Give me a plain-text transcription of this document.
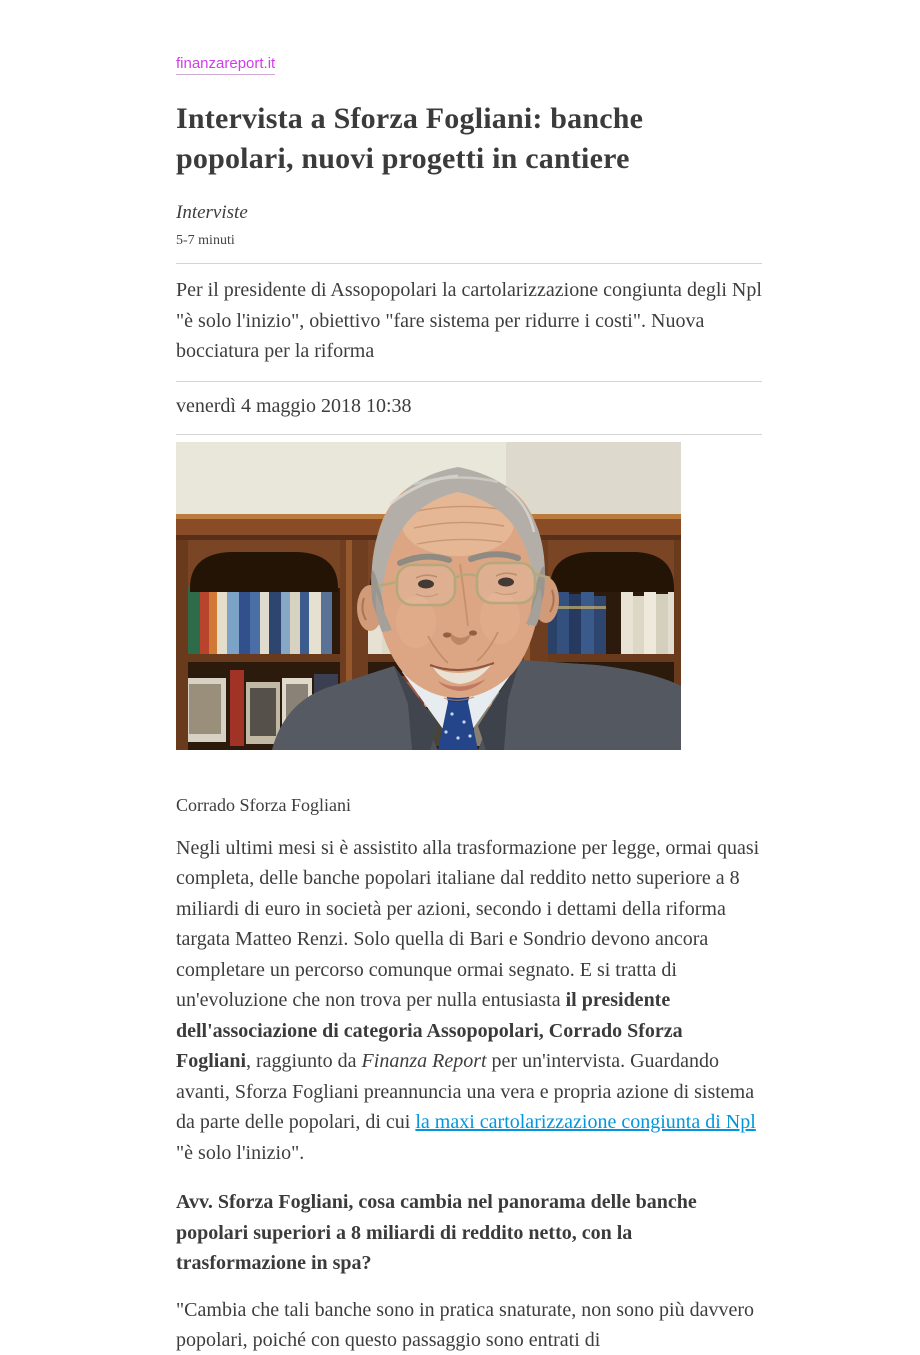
finanzareport.it
Intervista a Sforza Fogliani: banche popolari, nuovi progetti in cantiere
Interviste
5-7 minuti

Per il presidente di Assopopolari la cartolarizzazione congiunta degli Npl "è solo l'inizio", obiettivo "fare sistema per ridurre i costi". Nuova bocciatura per la riforma

venerdì 4 maggio 2018 10:38

Corrado Sforza Fogliani

Negli ultimi mesi si è assistito alla trasformazione per legge, ormai quasi completa, delle banche popolari italiane dal reddito netto superiore a 8 miliardi di euro in società per azioni, secondo i dettami della riforma targata Matteo Renzi. Solo quella di Bari e Sondrio devono ancora completare un percorso comunque ormai segnato. E si tratta di un'evoluzione che non trova per nulla entusiasta il presidente dell'associazione di categoria Assopopolari, Corrado Sforza Fogliani, raggiunto da Finanza Report per un'intervista. Guardando avanti, Sforza Fogliani preannuncia una vera e propria azione di sistema da parte delle popolari, di cui la maxi cartolarizzazione congiunta di Npl "è solo l'inizio".

Avv. Sforza Fogliani, cosa cambia nel panorama delle banche popolari superiori a 8 miliardi di reddito netto, con la trasformazione in spa?

"Cambia che tali banche sono in pratica snaturate, non sono più davvero popolari, poiché con questo passaggio sono entrati di
